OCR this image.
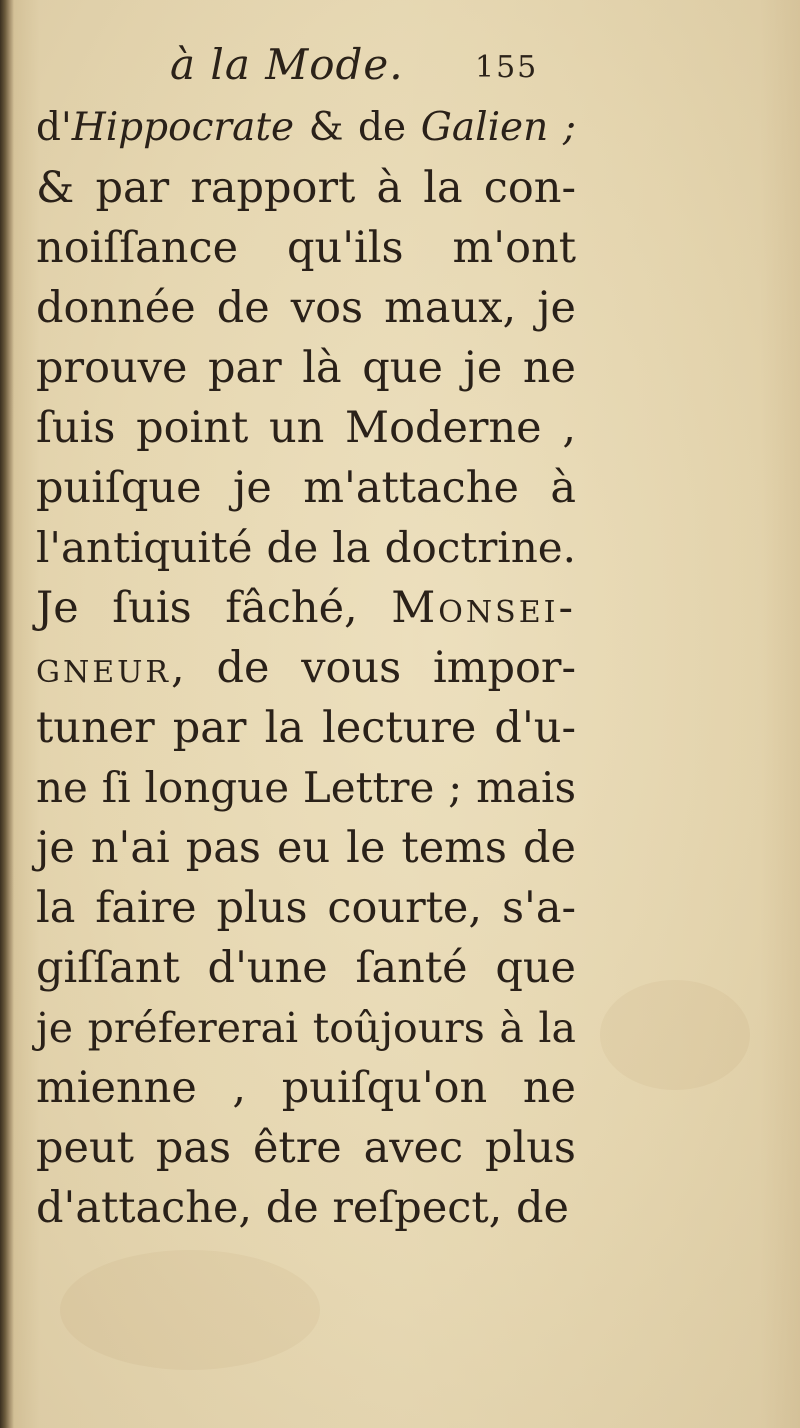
à la Mode. 155
d'Hippocrate & de Galien ;
& par rapport à la con-
noiſſance qu'ils m'ont
donnée de vos maux, je
prouve par là que je ne
ſuis point un Moderne ,
puiſque je m'attache à
l'antiquité de la doctrine.
Je ſuis fâché, Monsei-
gneur, de vous impor-
tuner par la lecture d'u-
ne ſi longue Lettre ; mais
je n'ai pas eu le tems de
la faire plus courte, s'a-
giſſant d'une ſanté que
je préfererai toûjours à la
mienne , puiſqu'on ne
peut pas être avec plus
d'attache, de reſpect, de
